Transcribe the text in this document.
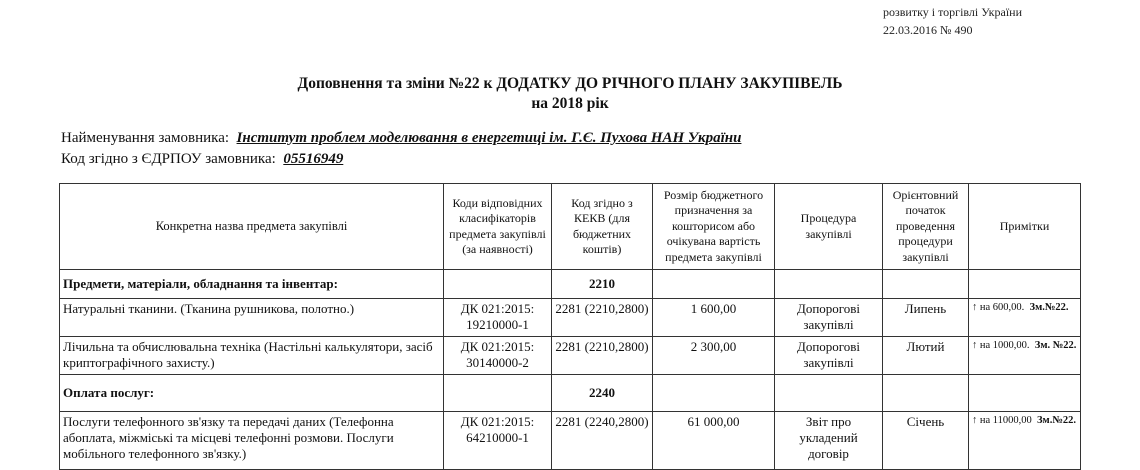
розвитку і торгівлі України
22.03.2016 № 490
Доповнення та зміни №22 к ДОДАТКУ ДО РІЧНОГО ПЛАНУ ЗАКУПІВЕЛЬ
на 2018 рік
Найменування замовника: Інститут проблем моделювання в енергетиці ім. Г.Є. Пухова НАН України
Код згідно з ЄДРПОУ замовника: 05516949
Конкретна назва предмета закупівлі	Коди відповідних класифікаторів предмета закупівлі (за наявності)	Код згідно з КЕКВ (для бюджетних коштів)	Розмір бюджетного призначення за кошторисом або очікувана вартість предмета закупівлі	Процедура закупівлі	Орієнтовний початок проведення процедури закупівлі	Примітки
Предмети, матеріали, обладнання та інвентар:		2210				
Натуральні тканини. (Тканина рушникова, полотно.)	ДК 021:2015: 19210000-1	2281 (2210,2800)	1 600,00	Допорогові закупівлі	Липень	↑ на 600,00. Зм.№22.
Лічильна та обчислювальна техніка (Настільні калькулятори, засіб криптографічного захисту.)	ДК 021:2015: 30140000-2	2281 (2210,2800)	2 300,00	Допорогові закупівлі	Лютий	↑ на 1000,00. Зм. №22.
Оплата послуг:		2240				
Послуги телефонного зв'язку та передачі даних (Телефонна абоплата, міжміські та місцеві телефонні розмови. Послуги мобільного телефонного зв'язку.)	ДК 021:2015: 64210000-1	2281 (2240,2800)	61 000,00	Звіт про укладений договір	Січень	↑ на 11000,00 Зм.№22.
